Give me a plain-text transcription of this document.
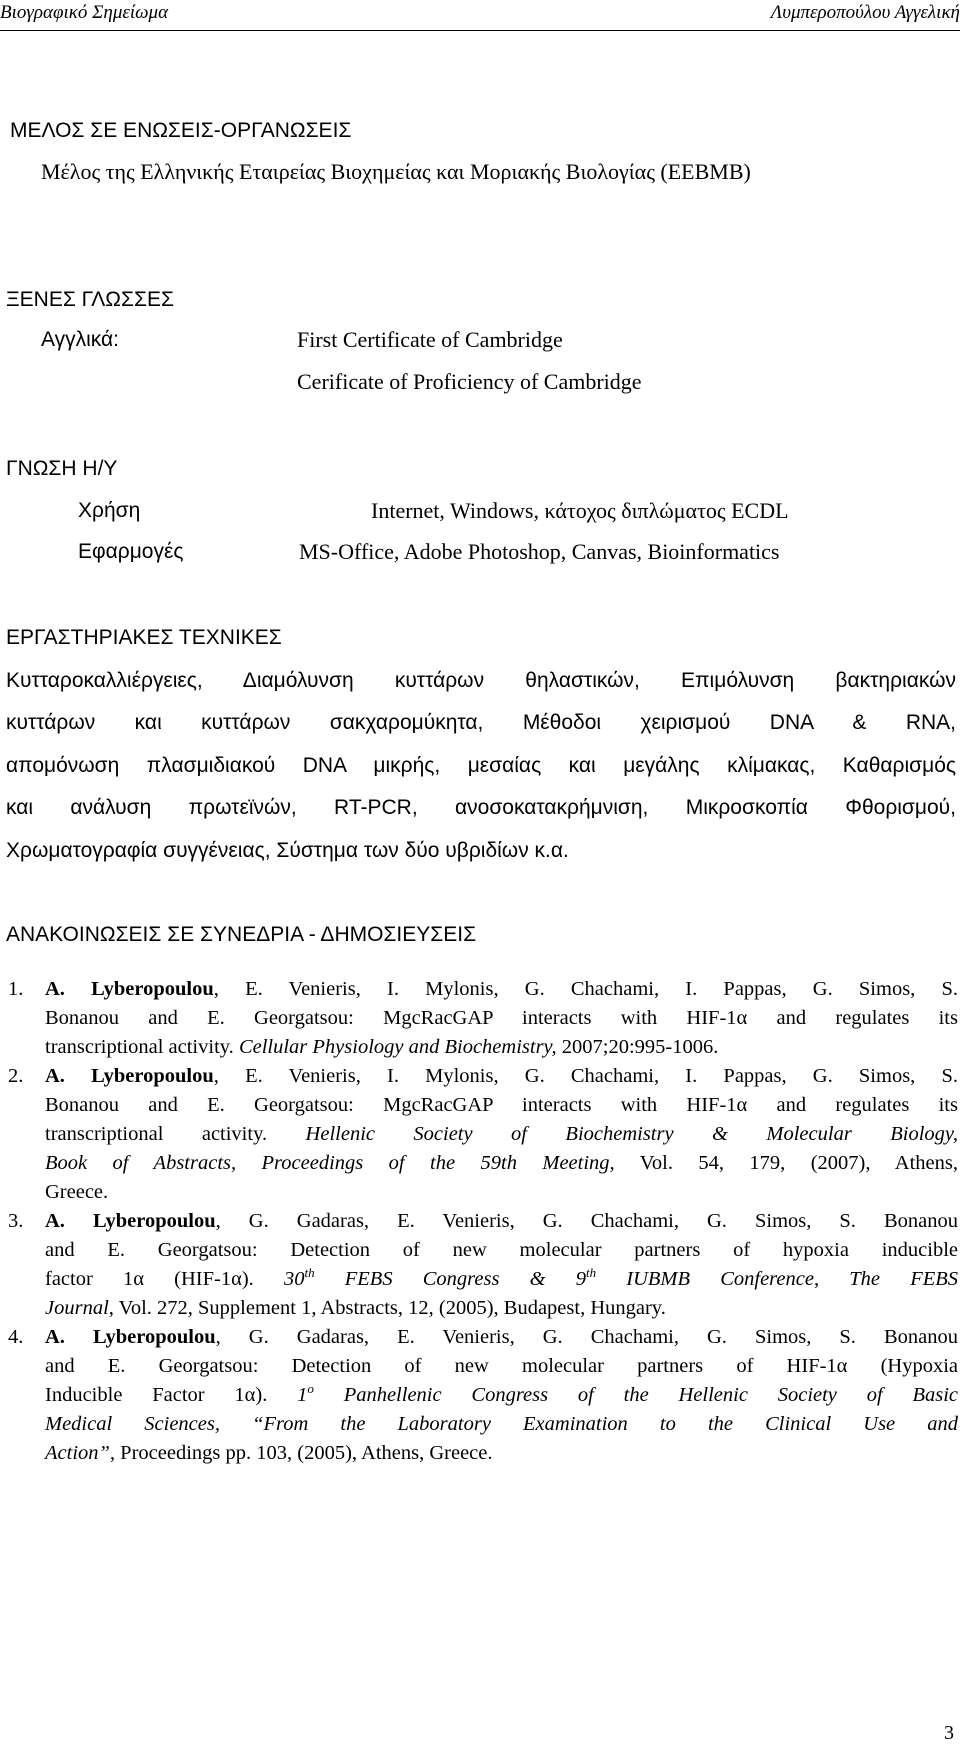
Βιογραφικό Σημείωμα	Λυμπεροπούλου Αγγελική
ΜΕΛΟΣ ΣΕ ΕΝΩΣΕΙΣ-ΟΡΓΑΝΩΣΕΙΣ
Μέλος της Ελληνικής Εταιρείας Βιοχημείας και Μοριακής Βιολογίας (ΕΕΒΜΒ)
ΞΕΝΕΣ ΓΛΩΣΣΕΣ
Αγγλικά:	First Certificate of Cambridge
Cerificate of Proficiency of Cambridge
ΓΝΩΣΗ Η/Υ
Χρήση	Internet, Windows, κάτοχος διπλώματος ECDL
Εφαρμογές	MS-Office, Adobe Photoshop, Canvas, Bioinformatics
ΕΡΓΑΣΤΗΡΙΑΚΕΣ ΤΕΧΝΙΚΕΣ
Κυτταροκαλλιέργειες, Διαμόλυνση κυττάρων θηλαστικών, Επιμόλυνση βακτηριακών
κυττάρων και κυττάρων σακχαρομύκητα, Μέθοδοι χειρισμού DNA & RNA,
απομόνωση πλασμιδιακού DNA μικρής, μεσαίας και μεγάλης κλίμακας, Καθαρισμός
και ανάλυση πρωτεϊνών, RT-PCR, ανοσοκατακρήμνιση, Μικροσκοπία Φθορισμού,
Χρωματογραφία συγγένειας, Σύστημα των δύο υβριδίων κ.α.
ΑΝΑΚΟΙΝΩΣΕΙΣ ΣΕ ΣΥΝΕΔΡΙΑ - ΔΗΜΟΣΙΕΥΣΕΙΣ
1. A. Lyberopoulou, E. Venieris, I. Mylonis, G. Chachami, I. Pappas, G. Simos, S.
Bonanou and E. Georgatsou: MgcRacGAP interacts with HIF-1α and regulates its
transcriptional activity. Cellular Physiology and Biochemistry, 2007;20:995-1006.
2. A. Lyberopoulou, E. Venieris, I. Mylonis, G. Chachami, I. Pappas, G. Simos, S.
Bonanou and E. Georgatsou: MgcRacGAP interacts with HIF-1α and regulates its
transcriptional activity. Hellenic Society of Biochemistry & Molecular Biology,
Book of Abstracts, Proceedings of the 59th Meeting, Vol. 54, 179, (2007), Athens,
Greece.
3. A. Lyberopoulou, G. Gadaras, E. Venieris, G. Chachami, G. Simos, S. Bonanou
and E. Georgatsou: Detection of new molecular partners of hypoxia inducible
factor 1α (HIF-1α). 30th FEBS Congress & 9th IUBMB Conference, The FEBS
Journal, Vol. 272, Supplement 1, Abstracts, 12, (2005), Budapest, Hungary.
4. A. Lyberopoulou, G. Gadaras, E. Venieris, G. Chachami, G. Simos, S. Bonanou
and E. Georgatsou: Detection of new molecular partners of HIF-1α (Hypoxia
Inducible Factor 1α). 1$^o$ Panhellenic Congress of the Hellenic Society of Basic
Medical Sciences, “From the Laboratory Examination to the Clinical Use and
Action”, Proceedings pp. 103, (2005), Athens, Greece.
3
